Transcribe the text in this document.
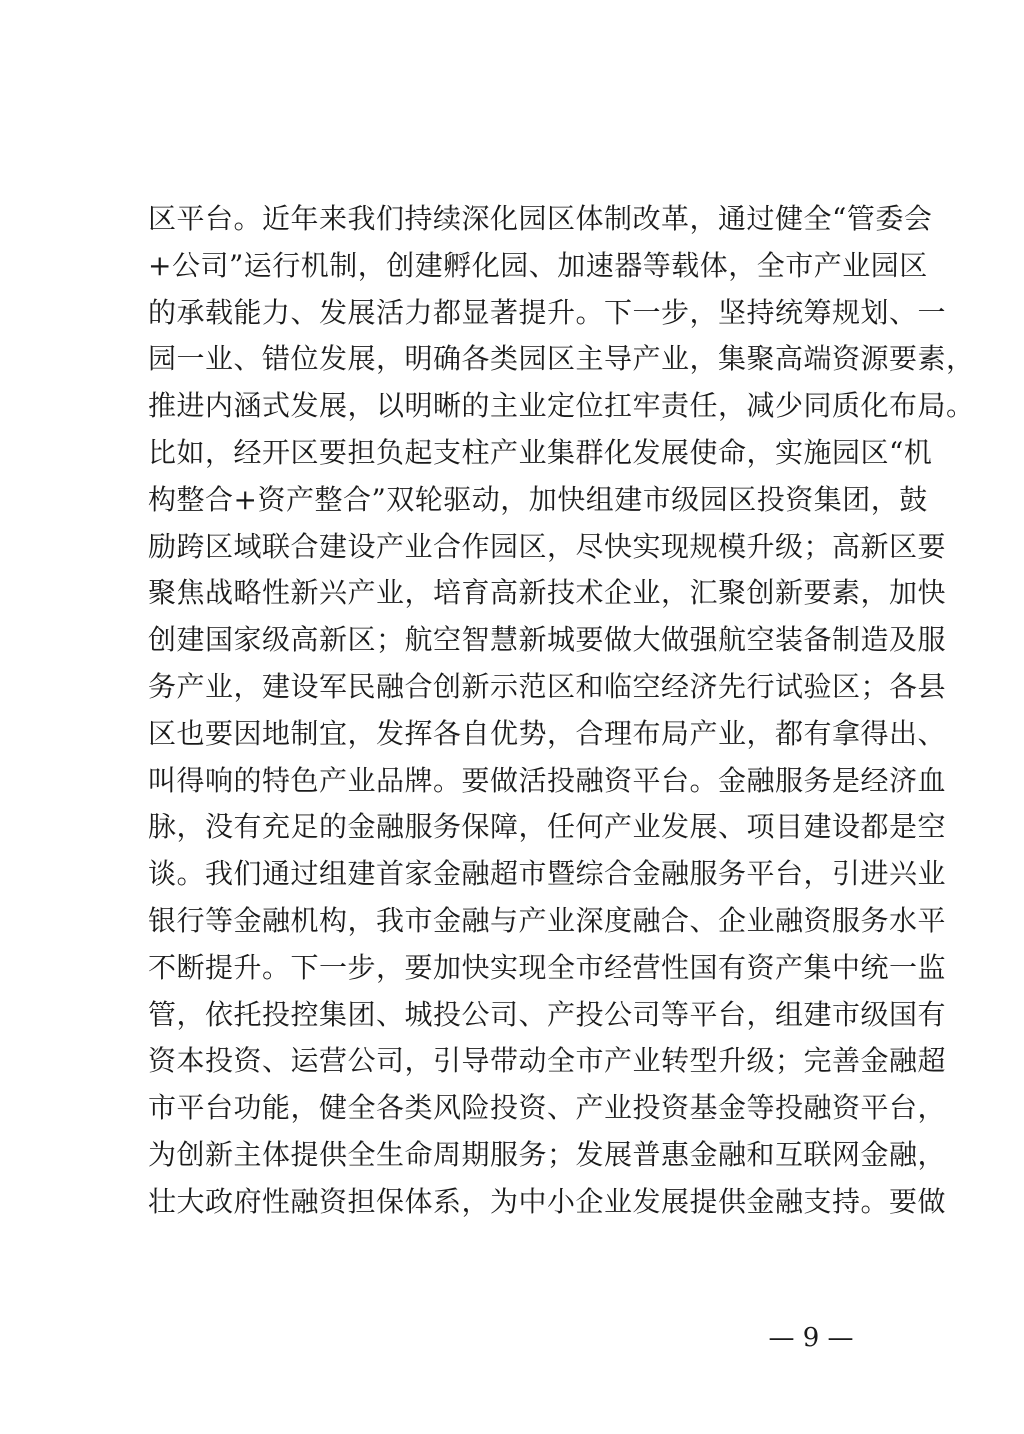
区平台。近年来我们持续深化园区体制改革，通过健全“管委会
+公司”运行机制，创建孵化园、加速器等载体，全市产业园区
的承载能力、发展活力都显著提升。下一步，坚持统筹规划、一
园一业、错位发展，明确各类园区主导产业，集聚高端资源要素，
推进内涵式发展，以明晰的主业定位扛牢责任，减少同质化布局。
比如，经开区要担负起支柱产业集群化发展使命，实施园区“机
构整合+资产整合”双轮驱动，加快组建市级园区投资集团，鼓
励跨区域联合建设产业合作园区，尽快实现规模升级；高新区要
聚焦战略性新兴产业，培育高新技术企业，汇聚创新要素，加快
创建国家级高新区；航空智慧新城要做大做强航空装备制造及服
务产业，建设军民融合创新示范区和临空经济先行试验区；各县
区也要因地制宜，发挥各自优势，合理布局产业，都有拿得出、
叫得响的特色产业品牌。要做活投融资平台。金融服务是经济血
脉，没有充足的金融服务保障，任何产业发展、项目建设都是空
谈。我们通过组建首家金融超市暨综合金融服务平台，引进兴业
银行等金融机构，我市金融与产业深度融合、企业融资服务水平
不断提升。下一步，要加快实现全市经营性国有资产集中统一监
管，依托投控集团、城投公司、产投公司等平台，组建市级国有
资本投资、运营公司，引导带动全市产业转型升级；完善金融超
市平台功能，健全各类风险投资、产业投资基金等投融资平台，
为创新主体提供全生命周期服务；发展普惠金融和互联网金融，
壮大政府性融资担保体系，为中小企业发展提供金融支持。要做
— 9 —
